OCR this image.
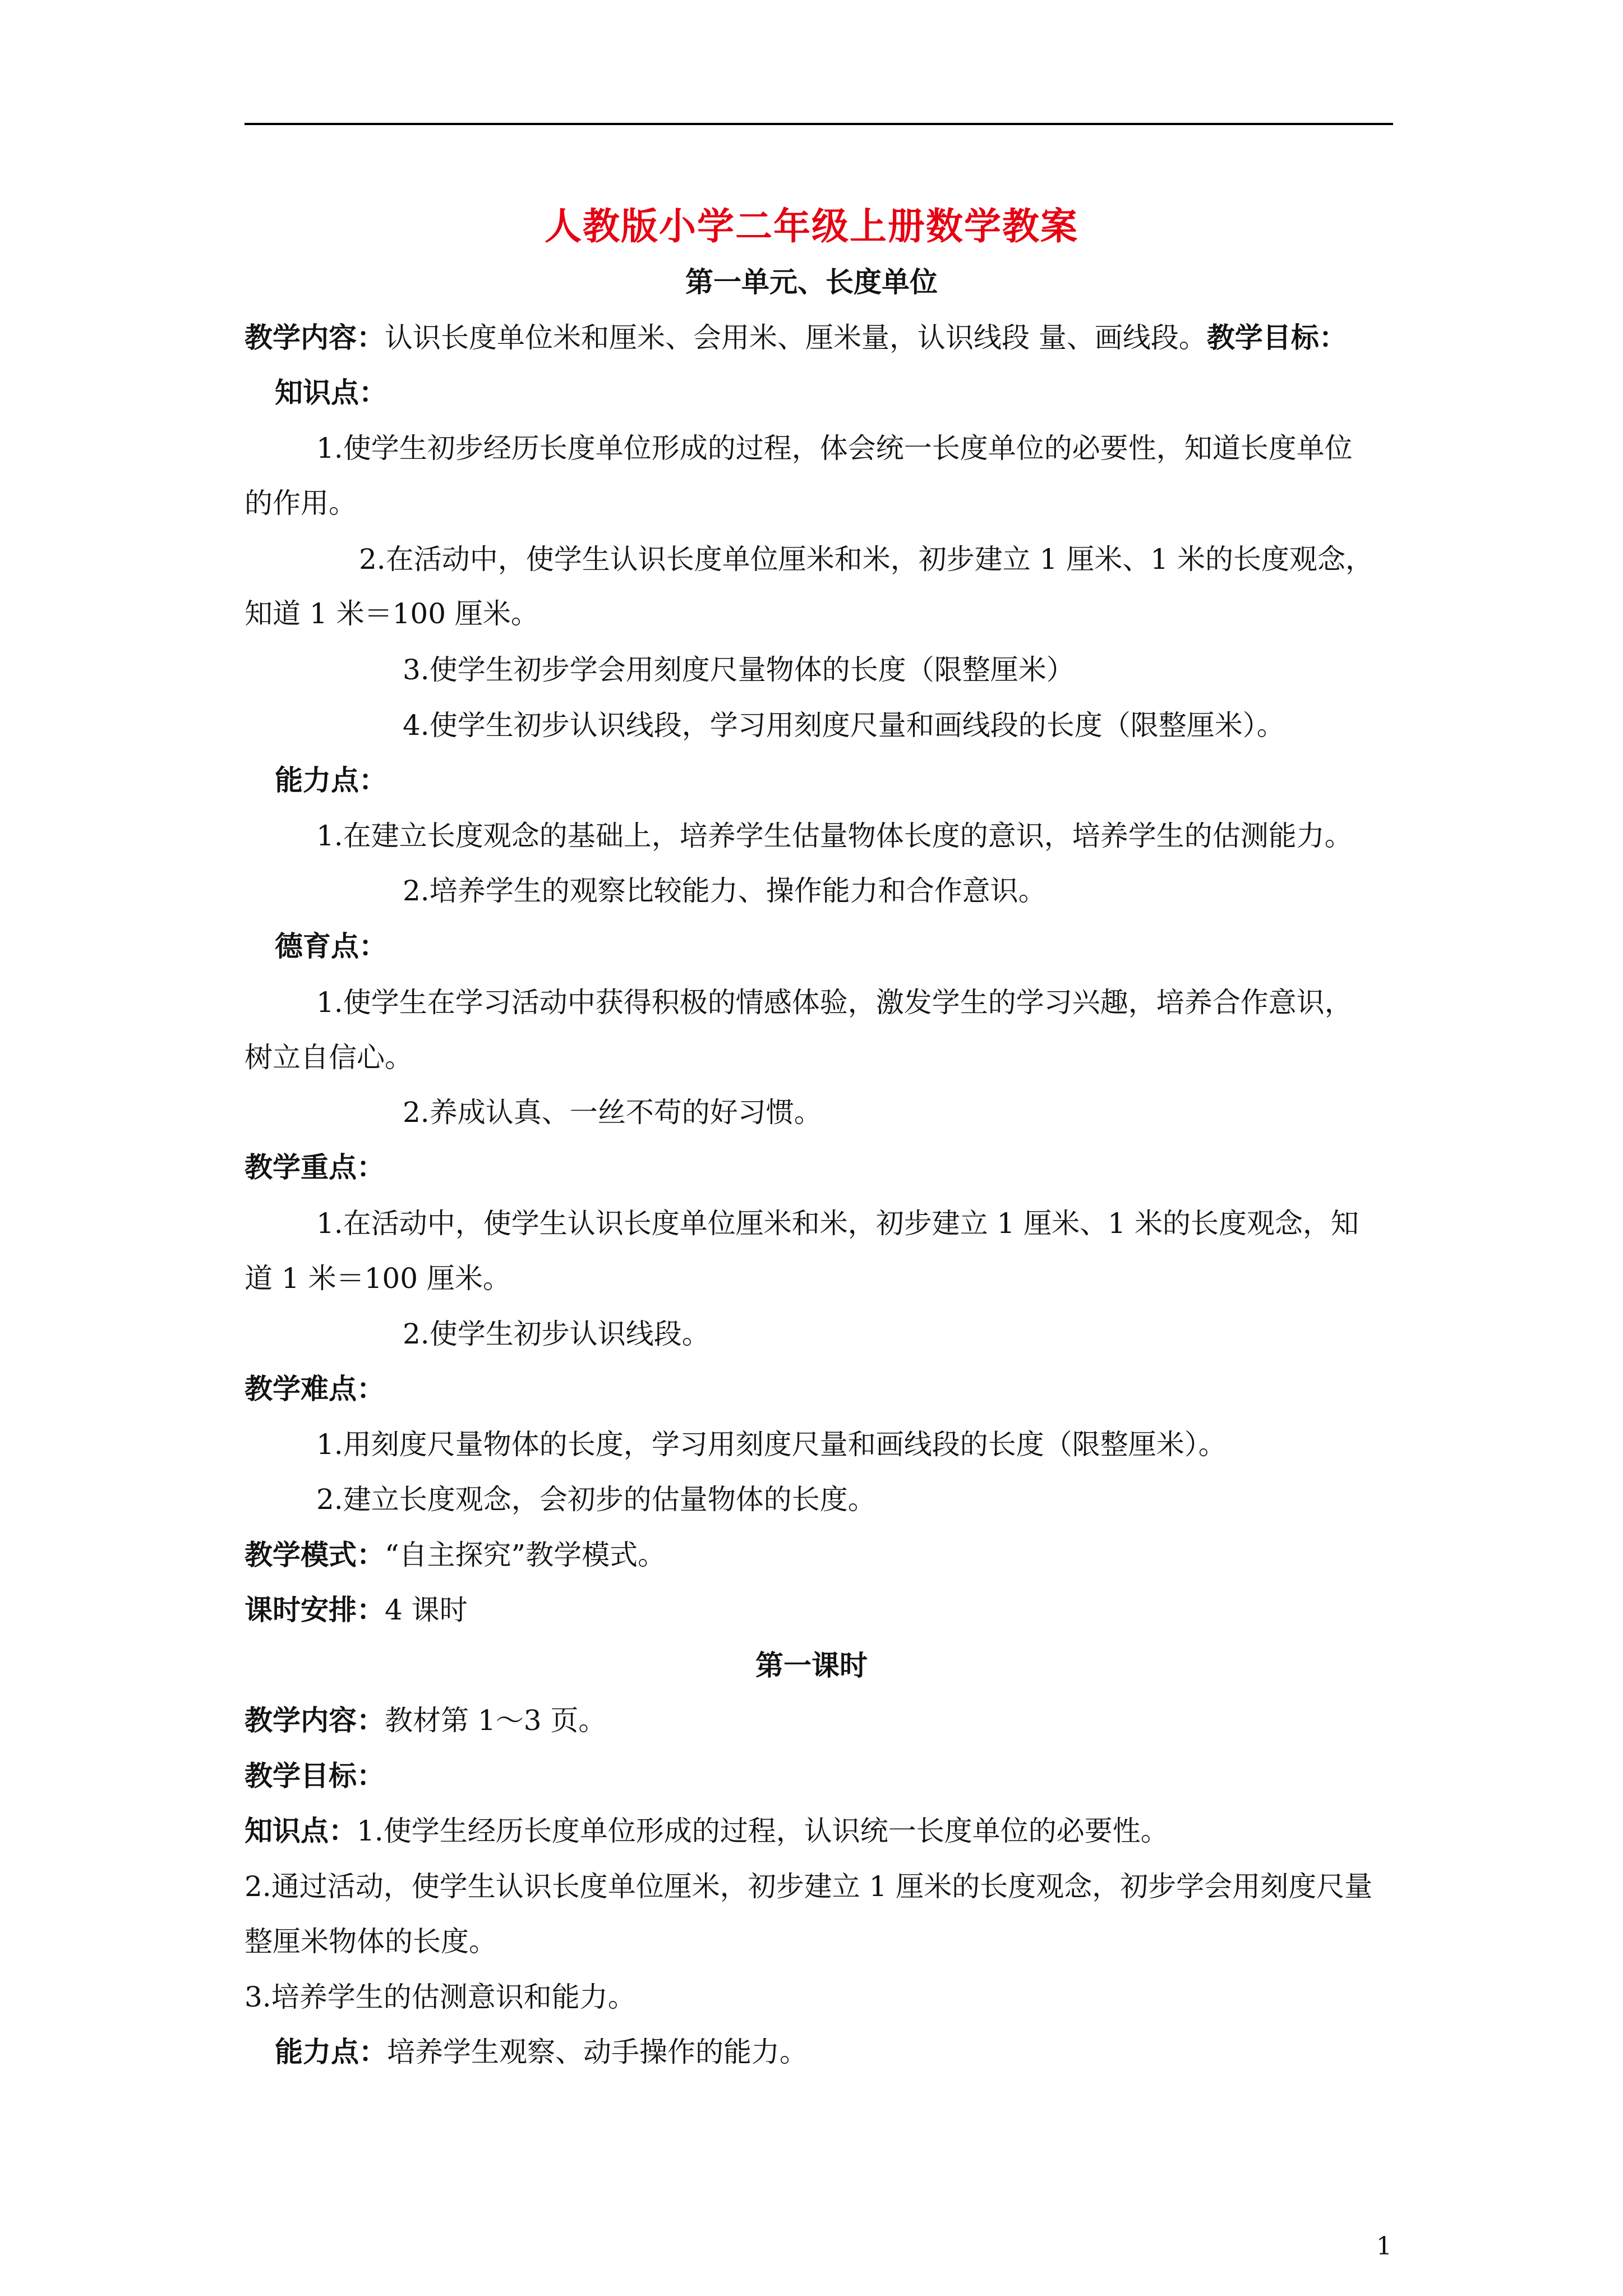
人教版小学二年级上册数学教案
第一单元、长度单位
教学内容：认识长度单位米和厘米、会用米、厘米量，认识线段 量、画线段。教学目标：
知识点：
1.使学生初步经历长度单位形成的过程，体会统一长度单位的必要性，知道长度单位
的作用。
2.在活动中，使学生认识长度单位厘米和米，初步建立 1 厘米、1 米的长度观念，
知道 1 米＝100 厘米。
3.使学生初步学会用刻度尺量物体的长度（限整厘米）
4.使学生初步认识线段，学习用刻度尺量和画线段的长度（限整厘米）。
能力点：
1.在建立长度观念的基础上，培养学生估量物体长度的意识，培养学生的估测能力。
2.培养学生的观察比较能力、操作能力和合作意识。
德育点：
1.使学生在学习活动中获得积极的情感体验，激发学生的学习兴趣，培养合作意识，
树立自信心。
2.养成认真、一丝不苟的好习惯。
教学重点：
1.在活动中，使学生认识长度单位厘米和米，初步建立 1 厘米、1 米的长度观念，知
道 1 米＝100 厘米。
2.使学生初步认识线段。
教学难点：
1.用刻度尺量物体的长度，学习用刻度尺量和画线段的长度（限整厘米）。
2.建立长度观念，会初步的估量物体的长度。
教学模式：“自主探究”教学模式。
课时安排：4 课时
第一课时
教学内容：教材第 1～3 页。
教学目标：
知识点：1.使学生经历长度单位形成的过程，认识统一长度单位的必要性。
2.通过活动，使学生认识长度单位厘米，初步建立 1 厘米的长度观念，初步学会用刻度尺量
整厘米物体的长度。
3.培养学生的估测意识和能力。
能力点：培养学生观察、动手操作的能力。
1
